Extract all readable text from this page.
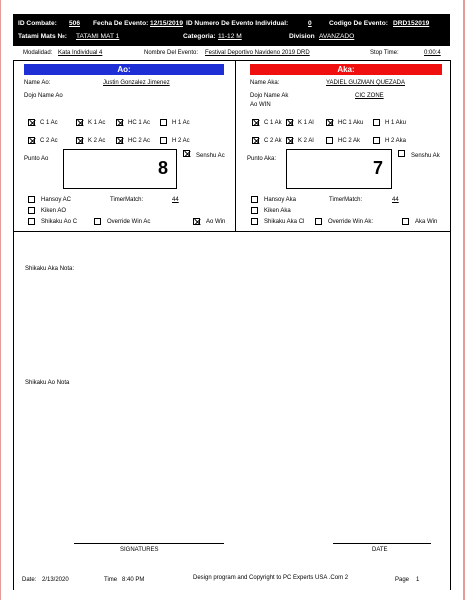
ID Combate: 506 Fecha De Evento: 12/15/2019 ID Numero De Evento Individual:	0	Codigo De Evento: DRD152019
Tatami Mats №: TATAMI MAT 1	Categoria: 11-12 M	Division AVANZADO
Modalidad: Kata Individual 4	Nombre Del Evento: Festival Deportivo Navideno 2019 DRD	Stop Time:	0:00:4
Ao:
Name Ao:	Justin Gonzalez Jimenez
Dojo Name Ao
C 1 Ac	K 1 Ac	HC 1 Ac	H 1 Ac
C 2 Ac	K 2 Ac	HC 2 Ac	H 2 Ac
Punto Ao	8
Senshu Ac
Hansoy AC	TimerMatch:	44
Kiken AO
Shikaku Ao C	Override Win Ac	Ao Win
Aka:
Name Aka:	YADIEL GUZMAN QUEZADA
Dojo Name Ak	CIC ZONE
Ao WIN
C 1 Ak	K 1 Al	HC 1 Aku	H 1 Aku
C 2 Ak	K 2 Al	HC 2 Ak	H 2 Aka
Punto Aka:	7
Senshu Ak
Hansoy Aka	TimerMatch:	44
Kiken Aka
Shikaku Aka Cl	Override Win Ak:	Aka Win
Shikaku Aka Nota:
Shikaku Ao Nota
SIGNATURES	DATE
Date: 2/13/2020	Time 8:40 PM	Design program and Copyright to PC Experts USA .Com 2	Page 1
